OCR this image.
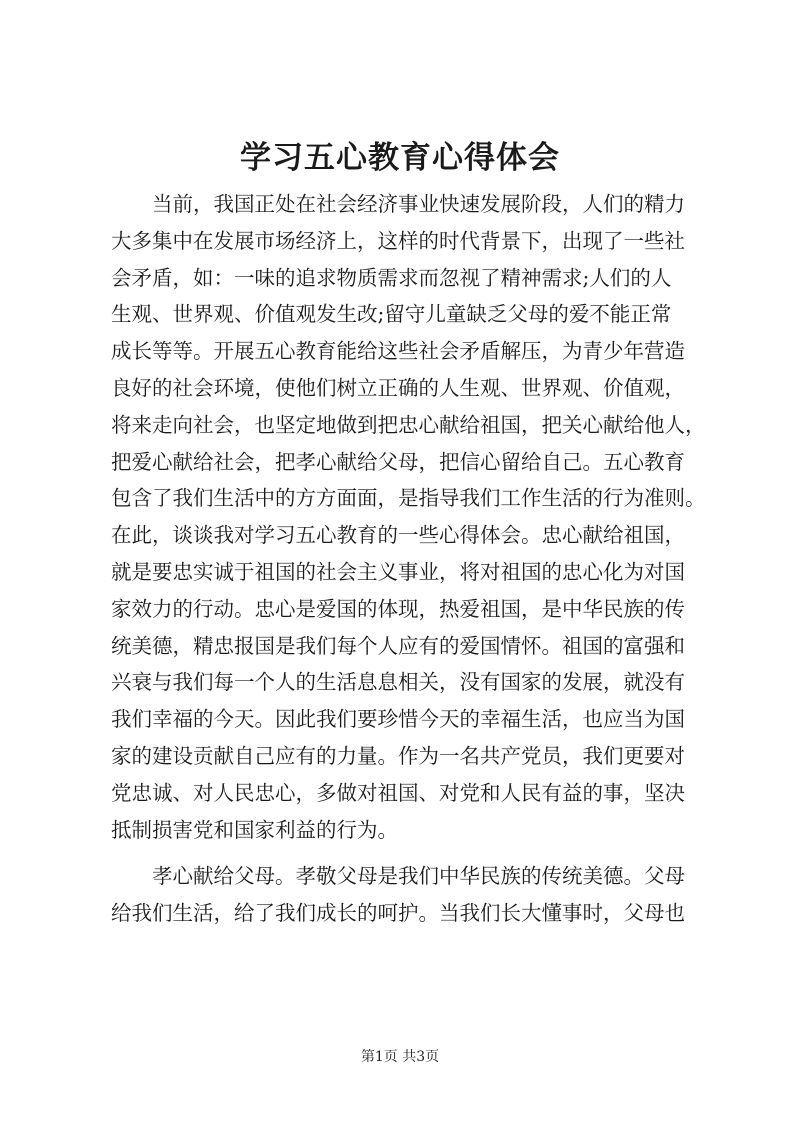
学习五心教育心得体会
当前，我国正处在社会经济事业快速发展阶段，人们的精力
大多集中在发展市场经济上，这样的时代背景下，出现了一些社
会矛盾，如：一味的追求物质需求而忽视了精神需求;人们的人
生观、世界观、价值观发生改;留守儿童缺乏父母的爱不能正常
成长等等。开展五心教育能给这些社会矛盾解压，为青少年营造
良好的社会环境，使他们树立正确的人生观、世界观、价值观，
将来走向社会，也坚定地做到把忠心献给祖国，把关心献给他人，
把爱心献给社会，把孝心献给父母，把信心留给自己。五心教育
包含了我们生活中的方方面面，是指导我们工作生活的行为准则。
在此，谈谈我对学习五心教育的一些心得体会。忠心献给祖国，
就是要忠实诚于祖国的社会主义事业，将对祖国的忠心化为对国
家效力的行动。忠心是爱国的体现，热爱祖国，是中华民族的传
统美德，精忠报国是我们每个人应有的爱国情怀。祖国的富强和
兴衰与我们每一个人的生活息息相关，没有国家的发展，就没有
我们幸福的今天。因此我们要珍惜今天的幸福生活，也应当为国
家的建设贡献自己应有的力量。作为一名共产党员，我们更要对
党忠诚、对人民忠心，多做对祖国、对党和人民有益的事，坚决
抵制损害党和国家利益的行为。
孝心献给父母。孝敬父母是我们中华民族的传统美德。父母
给我们生活，给了我们成长的呵护。当我们长大懂事时，父母也
第1页 共3页
